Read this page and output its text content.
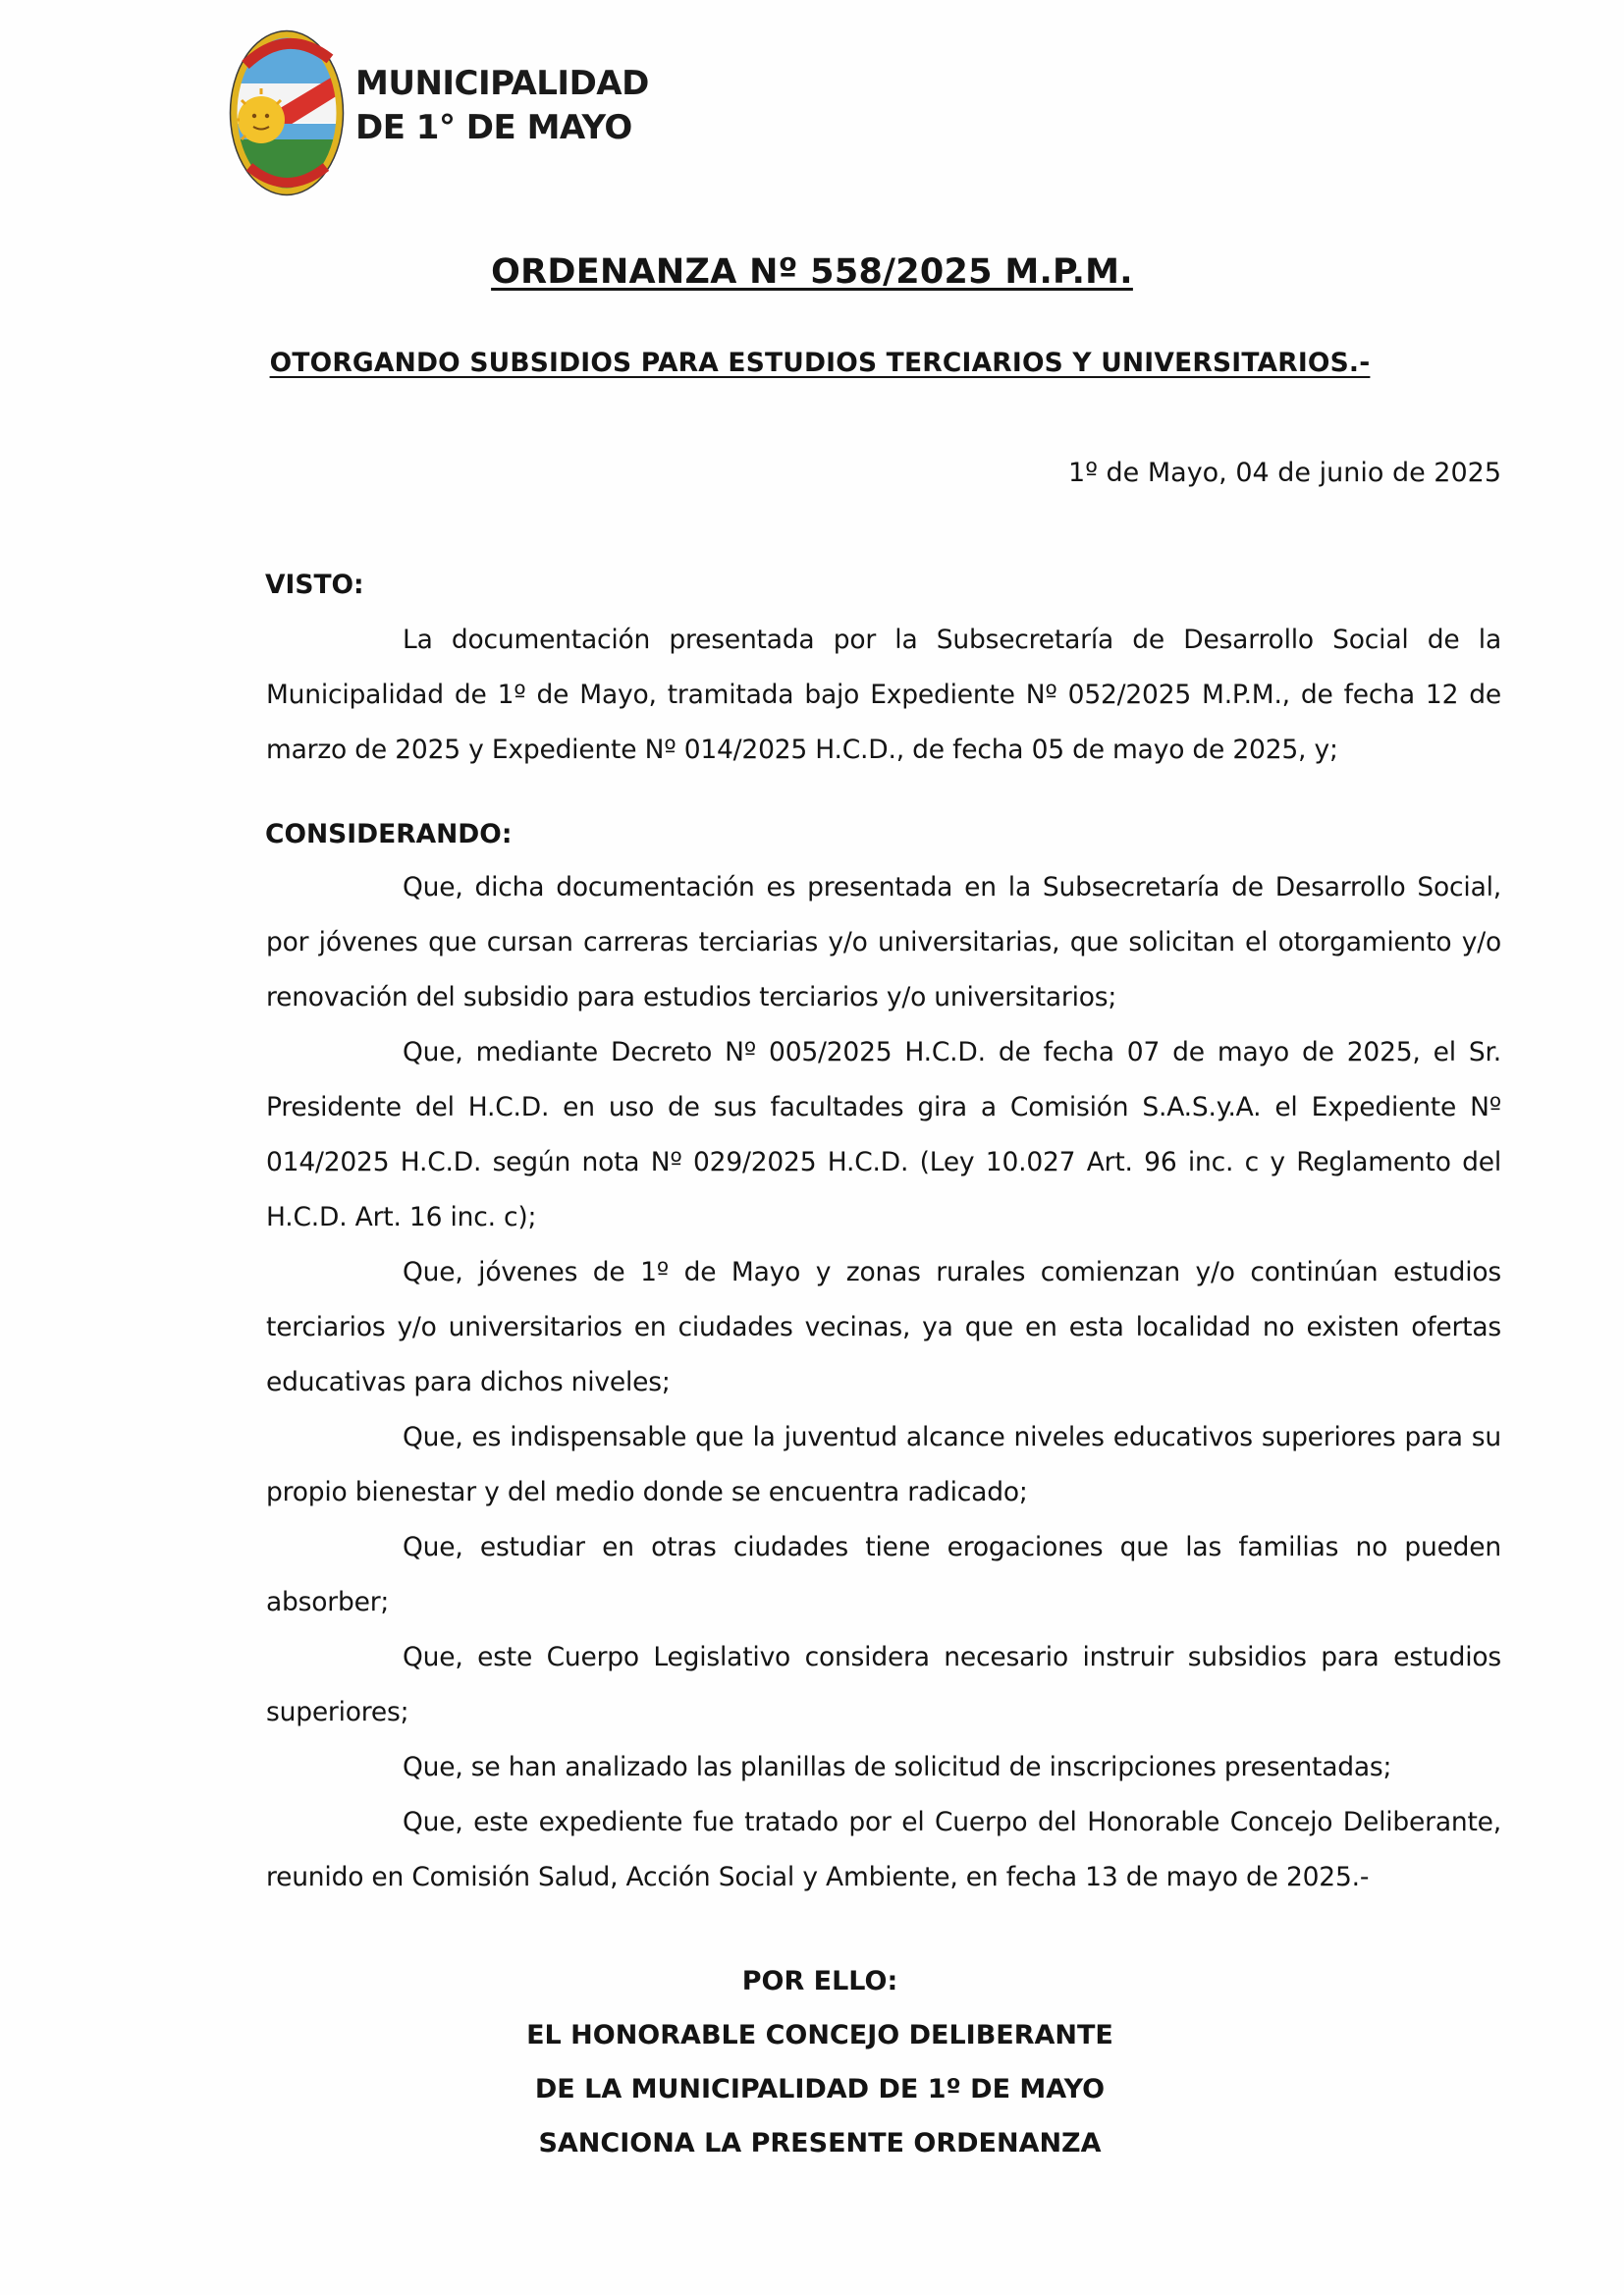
MUNICIPALIDAD
DE 1° DE MAYO
ORDENANZA Nº 558/2025 M.P.M.
OTORGANDO SUBSIDIOS PARA ESTUDIOS TERCIARIOS Y UNIVERSITARIOS.-
1º de Mayo, 04 de junio de 2025
VISTO:

La documentación presentada por la Subsecretaría de Desarrollo Social de la Municipalidad de 1º de Mayo, tramitada bajo Expediente Nº 052/2025 M.P.M., de fecha 12 de marzo de 2025 y Expediente Nº 014/2025 H.C.D., de fecha 05 de mayo de 2025, y;

CONSIDERANDO:

Que, dicha documentación es presentada en la Subsecretaría de Desarrollo Social, por jóvenes que cursan carreras terciarias y/o universitarias, que solicitan el otorgamiento y/o renovación del subsidio para estudios terciarios y/o universitarios;

Que, mediante Decreto Nº 005/2025 H.C.D. de fecha 07 de mayo de 2025, el Sr. Presidente del H.C.D. en uso de sus facultades gira a Comisión S.A.S.y.A. el Expediente Nº 014/2025 H.C.D. según nota Nº 029/2025 H.C.D. (Ley 10.027 Art. 96 inc. c y Reglamento del H.C.D. Art. 16 inc. c);

Que, jóvenes de 1º de Mayo y zonas rurales comienzan y/o continúan estudios terciarios y/o universitarios en ciudades vecinas, ya que en esta localidad no existen ofertas educativas para dichos niveles;

Que, es indispensable que la juventud alcance niveles educativos superiores para su propio bienestar y del medio donde se encuentra radicado;

Que, estudiar en otras ciudades tiene erogaciones que las familias no pueden absorber;

Que, este Cuerpo Legislativo considera necesario instruir subsidios para estudios superiores;

Que, se han analizado las planillas de solicitud de inscripciones presentadas;

Que, este expediente fue tratado por el Cuerpo del Honorable Concejo Deliberante, reunido en Comisión Salud, Acción Social y Ambiente, en fecha 13 de mayo de 2025.-

POR ELLO:
EL HONORABLE CONCEJO DELIBERANTE
DE LA MUNICIPALIDAD DE 1º DE MAYO
SANCIONA LA PRESENTE ORDENANZA
